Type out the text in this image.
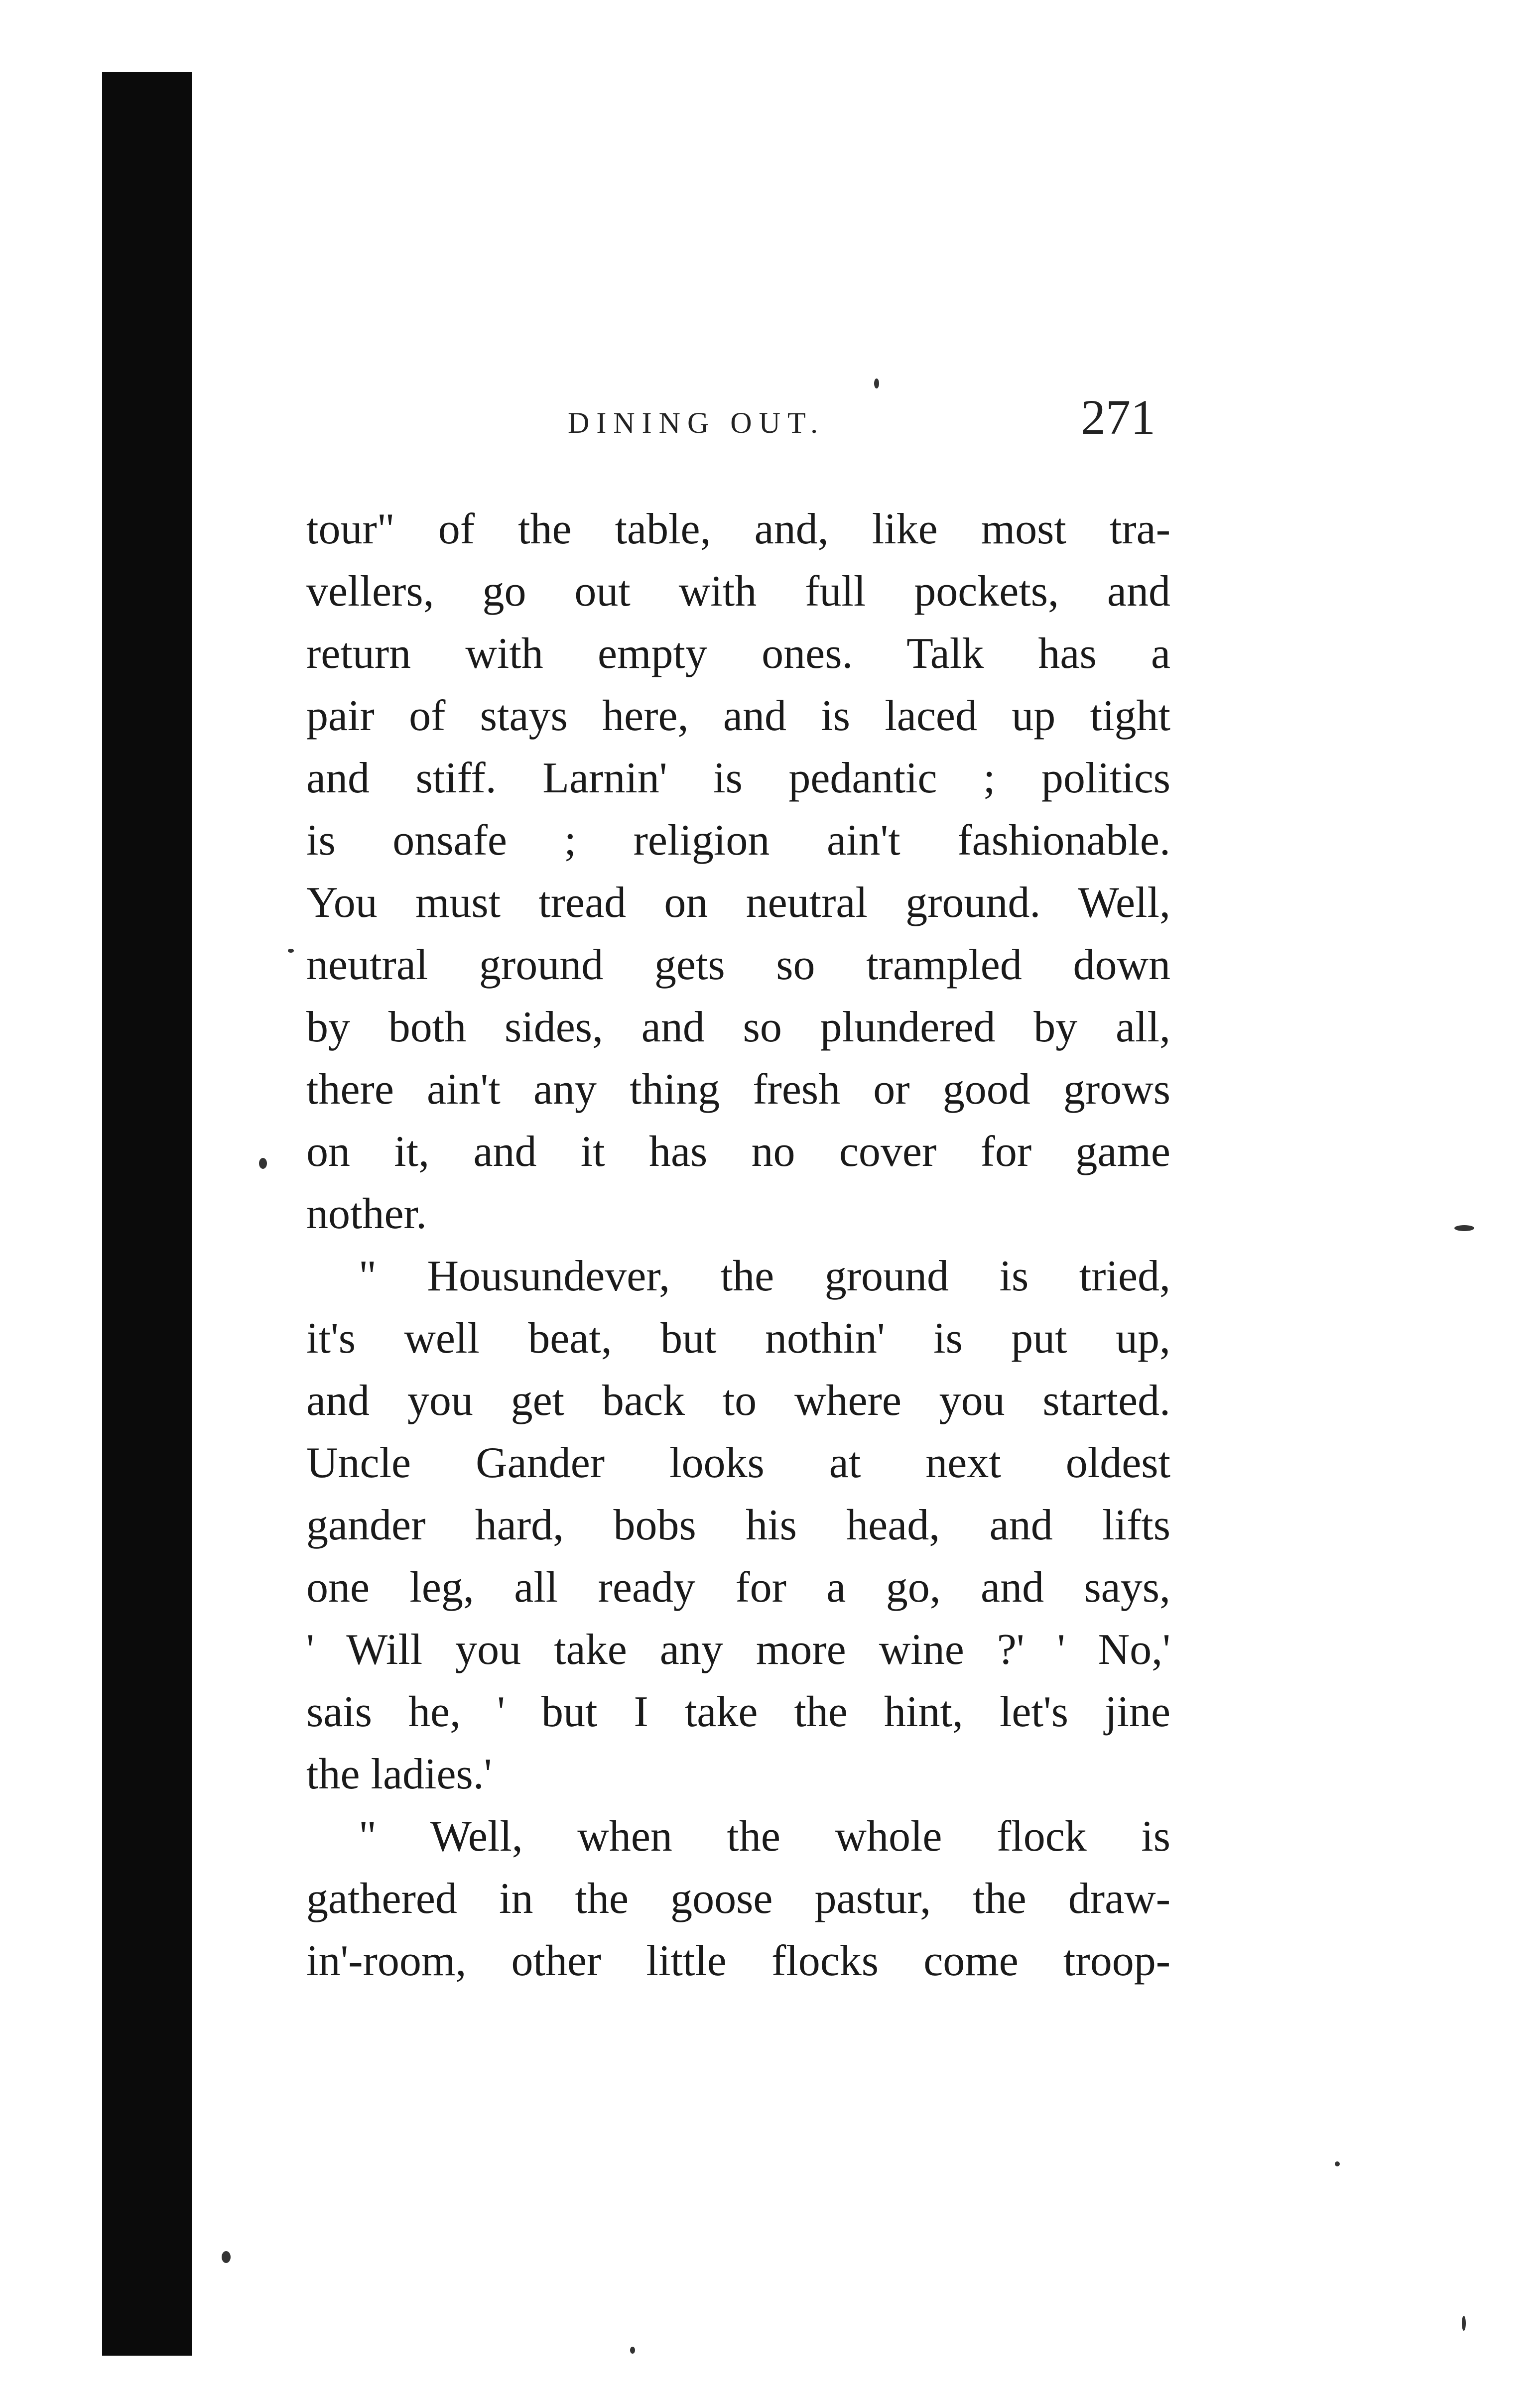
DINING OUT.	271
tour" of the table, and, like most tra-
vellers, go out with full pockets, and
return with empty ones. Talk has a
pair of stays here, and is laced up tight
and stiff. Larnin' is pedantic ; politics
is onsafe ; religion ain't fashionable.
You must tread on neutral ground. Well,
neutral ground gets so trampled down
by both sides, and so plundered by all,
there ain't any thing fresh or good grows
on it, and it has no cover for game
nother.
" Housundever, the ground is tried,
it's well beat, but nothin' is put up,
and you get back to where you started.
Uncle Gander looks at next oldest
gander hard, bobs his head, and lifts
one leg, all ready for a go, and says,
' Will you take any more wine ?' ' No,'
sais he, ' but I take the hint, let's jine
the ladies.'
" Well, when the whole flock is
gathered in the goose pastur, the draw-
in'-room, other little flocks come troop-
